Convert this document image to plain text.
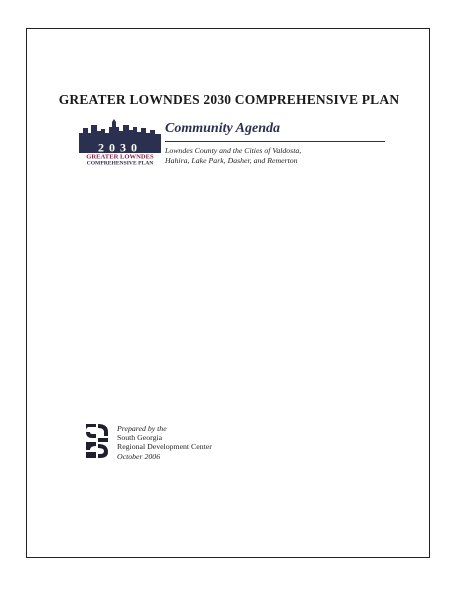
GREATER LOWNDES 2030 COMPREHENSIVE PLAN
2030
GREATER LOWNDES
COMPREHENSIVE PLAN
Community Agenda
Lowndes County and the Cities of Valdosta,
Hahira, Lake Park, Dasher, and Remerton
Prepared by the
South Georgia
Regional Development Center
October 2006
